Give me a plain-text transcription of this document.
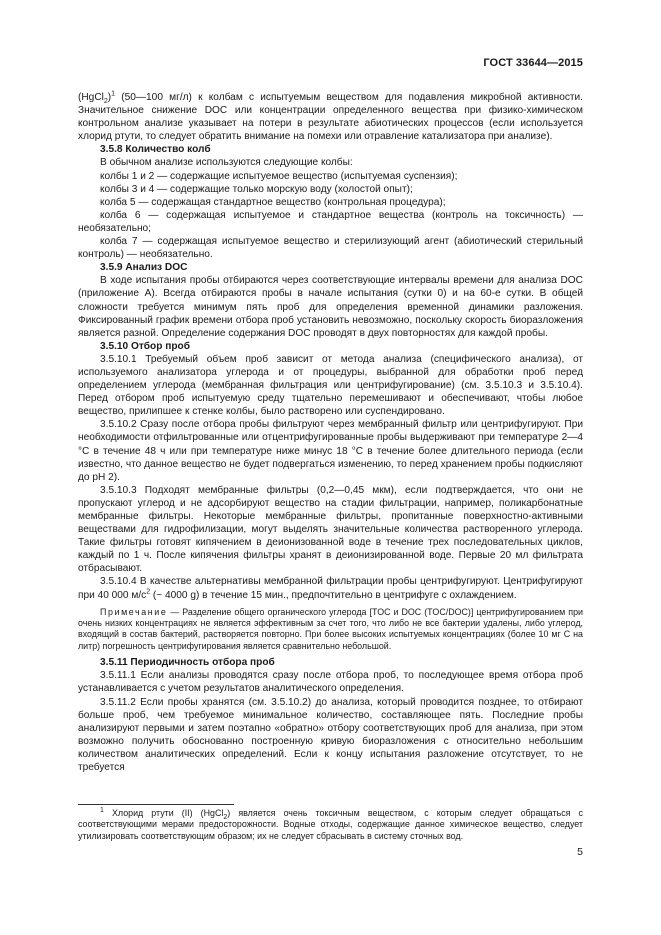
ГОСТ 33644—2015

(HgCl$_2$)$^1$ (50—100 мг/л) к колбам с испытуемым веществом для подавления микробной активности. Значительное снижение DOC или концентрации определенного вещества при физико-химическом контрольном анализе указывает на потери в результате абиотических процессов (если используется хлорид ртути, то следует обратить внимание на помехи или отравление катализатора при анализе).

3.5.8 Количество колб

В обычном анализе используются следующие колбы:

колбы 1 и 2 — содержащие испытуемое вещество (испытуемая суспензия);

колбы 3 и 4 — содержащие только морскую воду (холостой опыт);

колба 5 — содержащая стандартное вещество (контрольная процедура);

колба 6 — содержащая испытуемое и стандартное вещества (контроль на токсичность) — необязательно;

колба 7 — содержащая испытуемое вещество и стерилизующий агент (абиотический стерильный контроль) — необязательно.

3.5.9 Анализ DOC

В ходе испытания пробы отбираются через соответствующие интервалы времени для анализа DOC (приложение А). Всегда отбираются пробы в начале испытания (сутки 0) и на 60-е сутки. В общей сложности требуется минимум пять проб для определения временной динамики разложения. Фиксированный график времени отбора проб установить невозможно, поскольку скорость биоразложения является разной. Определение содержания DOC проводят в двух повторностях для каждой пробы.

3.5.10 Отбор проб

3.5.10.1 Требуемый объем проб зависит от метода анализа (специфического анализа), от используемого анализатора углерода и от процедуры, выбранной для обработки проб перед определением углерода (мембранная фильтрация или центрифугирование) (см. 3.5.10.3 и 3.5.10.4). Перед отбором проб испытуемую среду тщательно перемешивают и обеспечивают, чтобы любое вещество, прилипшее к стенке колбы, было растворено или суспендировано.

3.5.10.2 Сразу после отбора пробы фильтруют через мембранный фильтр или центрифугируют. При необходимости отфильтрованные или отцентрифугированные пробы выдерживают при температуре 2—4 °С в течение 48 ч или при температуре ниже минус 18 °С в течение более длительного периода (если известно, что данное вещество не будет подвергаться изменению, то перед хранением пробы подкисляют до pH 2).

3.5.10.3 Подходят мембранные фильтры (0,2—0,45 мкм), если подтверждается, что они не пропускают углерод и не адсорбируют вещество на стадии фильтрации, например, поликарбонатные мембранные фильтры. Некоторые мембранные фильтры, пропитанные поверхностно-активными веществами для гидрофилизации, могут выделять значительные количества растворенного углерода. Такие фильтры готовят кипячением в деионизованной воде в течение трех последовательных циклов, каждый по 1 ч. После кипячения фильтры хранят в деионизированной воде. Первые 20 мл фильтрата отбрасывают.

3.5.10.4 В качестве альтернативы мембранной фильтрации пробы центрифугируют. Центрифугируют при 40 000 $м/с^2$ (~ 4000 g) в течение 15 мин., предпочтительно в центрифуге с охлаждением.

Примечание — Разделение общего органического углерода [TOC и DOC (TOC/DOC)] центрифугированием при очень низких концентрациях не является эффективным за счет того, что либо не все бактерии удалены, либо углерод, входящий в состав бактерий, растворяется повторно. При более высоких испытуемых концентрациях (более 10 мг С на литр) погрешность центрифугирования является сравнительно небольшой.

3.5.11 Периодичность отбора проб

3.5.11.1 Если анализы проводятся сразу после отбора проб, то последующее время отбора проб устанавливается с учетом результатов аналитического определения.

3.5.11.2 Если пробы хранятся (см. 3.5.10.2) до анализа, который проводится позднее, то отбирают больше проб, чем требуемое минимальное количество, составляющее пять. Последние пробы анализируют первыми и затем поэтапно «обратно» отбору соответствующих проб для анализа, при этом возможно получить обоснованно построенную кривую биоразложения с относительно небольшим количеством аналитических определений. Если к концу испытания разложение отсутствует, то не требуется

$^1$ Хлорид ртути (II) (HgCl$_2$) является очень токсичным веществом, с которым следует обращаться с соответствующими мерами предосторожности. Водные отходы, содержащие данное химическое вещество, следует утилизировать соответствующим образом; их не следует сбрасывать в систему сточных вод.

5
